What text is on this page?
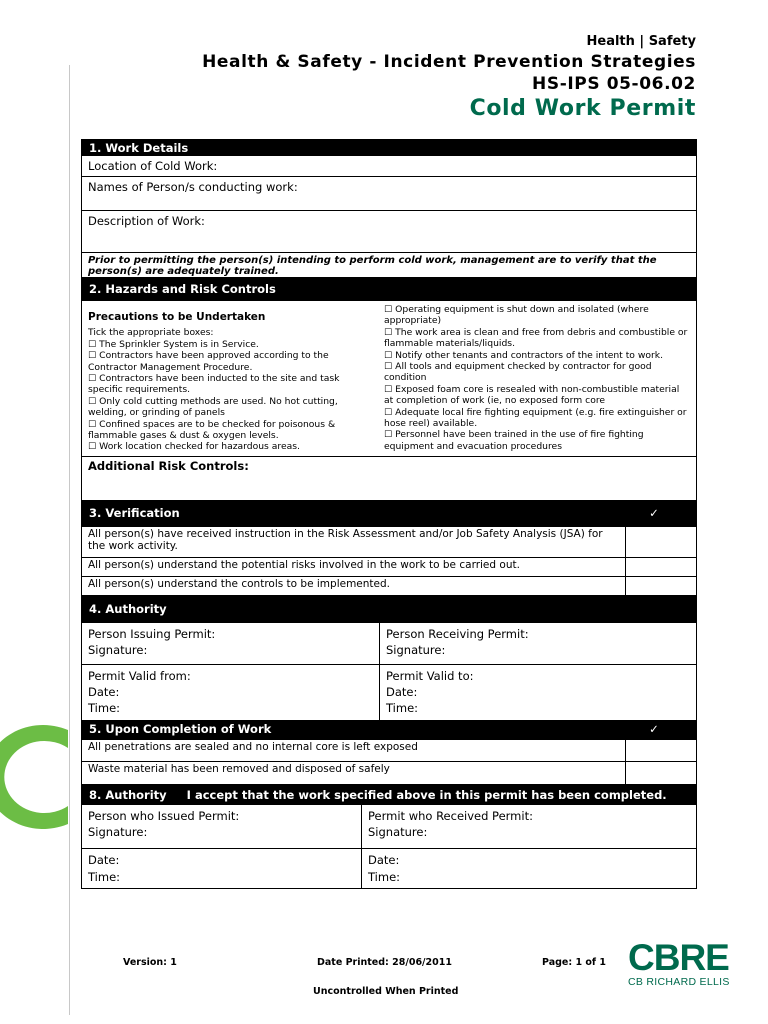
Health | Safety
Health & Safety - Incident Prevention Strategies
HS-IPS 05-06.02
Cold Work Permit
1. Work Details
Location of Cold Work:
Names of Person/s conducting work:
Description of Work:
Prior to permitting the person(s) intending to perform cold work, management are to verify that the person(s) are adequately trained.
2. Hazards and Risk Controls
Precautions to be Undertaken
Tick the appropriate boxes:
☐ The Sprinkler System is in Service.
☐ Contractors have been approved according to the Contractor Management Procedure.
☐ Contractors have been inducted to the site and task specific requirements.
☐ Only cold cutting methods are used. No hot cutting, welding, or grinding of panels
☐ Confined spaces are to be checked for poisonous & flammable gases & dust & oxygen levels.
☐ Work location checked for hazardous areas.
☐ Operating equipment is shut down and isolated (where appropriate)
☐ The work area is clean and free from debris and combustible or flammable materials/liquids.
☐ Notify other tenants and contractors of the intent to work.
☐ All tools and equipment checked by contractor for good condition
☐ Exposed foam core is resealed with non-combustible material at completion of work (ie, no exposed form core
☐ Adequate local fire fighting equipment (e.g. fire extinguisher or hose reel) available.
☐ Personnel have been trained in the use of fire fighting equipment and evacuation procedures
Additional Risk Controls:
3. Verification	✓
All person(s) have received instruction in the Risk Assessment and/or Job Safety Analysis (JSA) for the work activity.
All person(s) understand the potential risks involved in the work to be carried out.
All person(s) understand the controls to be implemented.
4. Authority
Person Issuing Permit:
Signature:
Person Receiving Permit:
Signature:
Permit Valid from:
Date:
Time:
Permit Valid to:
Date:
Time:
5. Upon Completion of Work	✓
All penetrations are sealed and no internal core is left exposed
Waste material has been removed and disposed of safely
8. Authority     I accept that the work specified above in this permit has been completed.
Person who Issued Permit:
Signature:
Permit who Received Permit:
Signature:
Date:
Time:
Date:
Time:
Version: 1	Date Printed: 28/06/2011	Page: 1 of 1
Uncontrolled When Printed
CBRE
CB RICHARD ELLIS
